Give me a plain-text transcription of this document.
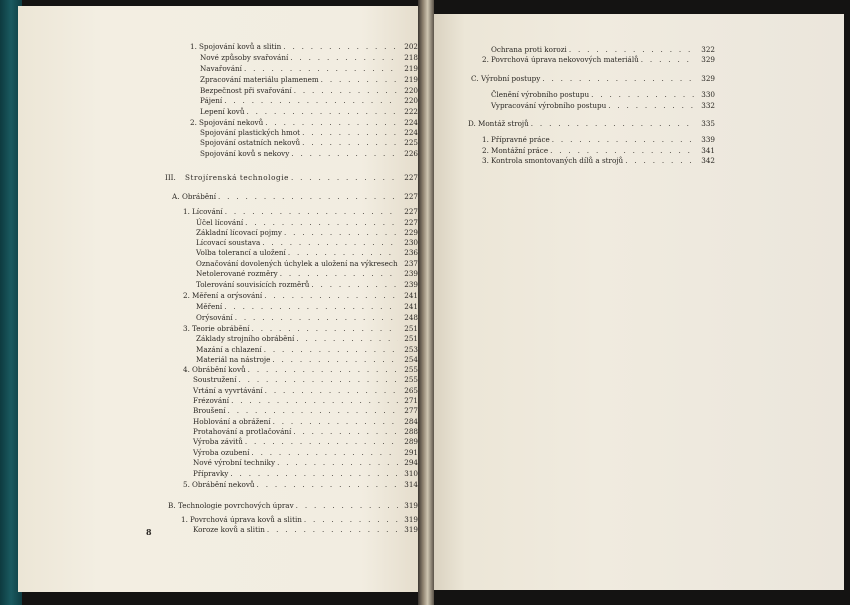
1. Spojování kovů a slitin . . .	202
Nové způsoby svařování . . .	218
Navařování . . .	219
Zpracování materiálu plamenem . . .	219
Bezpečnost při svařování . . .	220
Pájení . . .	220
Lepení kovů . . .	222
2. Spojování nekovů . . .	224
Spojování plastických hmot . . .	224
Spojování ostatních nekovů . . .	225
Spojování kovů s nekovy . . .	226
III.	Strojírenská technologie . . .	227
A. Obrábění . . .	227
1. Lícování . . .	227
Účel lícování . . .	227
Základní lícovací pojmy . . .	229
Lícovací soustava . . .	230
Volba tolerancí a uložení . . .	236
Označování dovolených úchylek a uložení na výkresech 237
Netolerované rozměry . . .	239
Tolerování souvisících rozměrů . . .	239
2. Měření a orýsování . . .	241
Měření . . .	241
Orýsování . . .	248
3. Teorie obrábění . . .	251
Základy strojního obrábění . . .	251
Mazání a chlazení . . .	253
Materiál na nástroje . . .	254
4. Obrábění kovů . . .	255
Soustružení . . .	255
Vrtání a vyvrtávání . . .	265
Frézování . . .	271
Broušení . . .	277
Hoblování a obrážení . . .	284
Protahování a protlačování . . .	288
Výroba závitů . . .	289
Výroba ozubení . . .	291
Nové výrobní techniky . . .	294
Přípravky . . .	310
5. Obrábění nekovů . . .	314
B. Technologie povrchových úprav . . .	319
1. Povrchová úprava kovů a slitin . . .	319
Koroze kovů a slitin . . .	319
Ochrana proti korozi . . .	322
2. Povrchová úprava nekovových materiálů . . .	329
C. Výrobní postupy . . .	329
Členění výrobního postupu . . .	330
Vypracování výrobního postupu . . .	332
D. Montáž strojů . . .	335
1. Přípravné práce . . .	339
2. Montážní práce . . .	341
3. Kontrola smontovaných dílů a strojů . . .	342
8
